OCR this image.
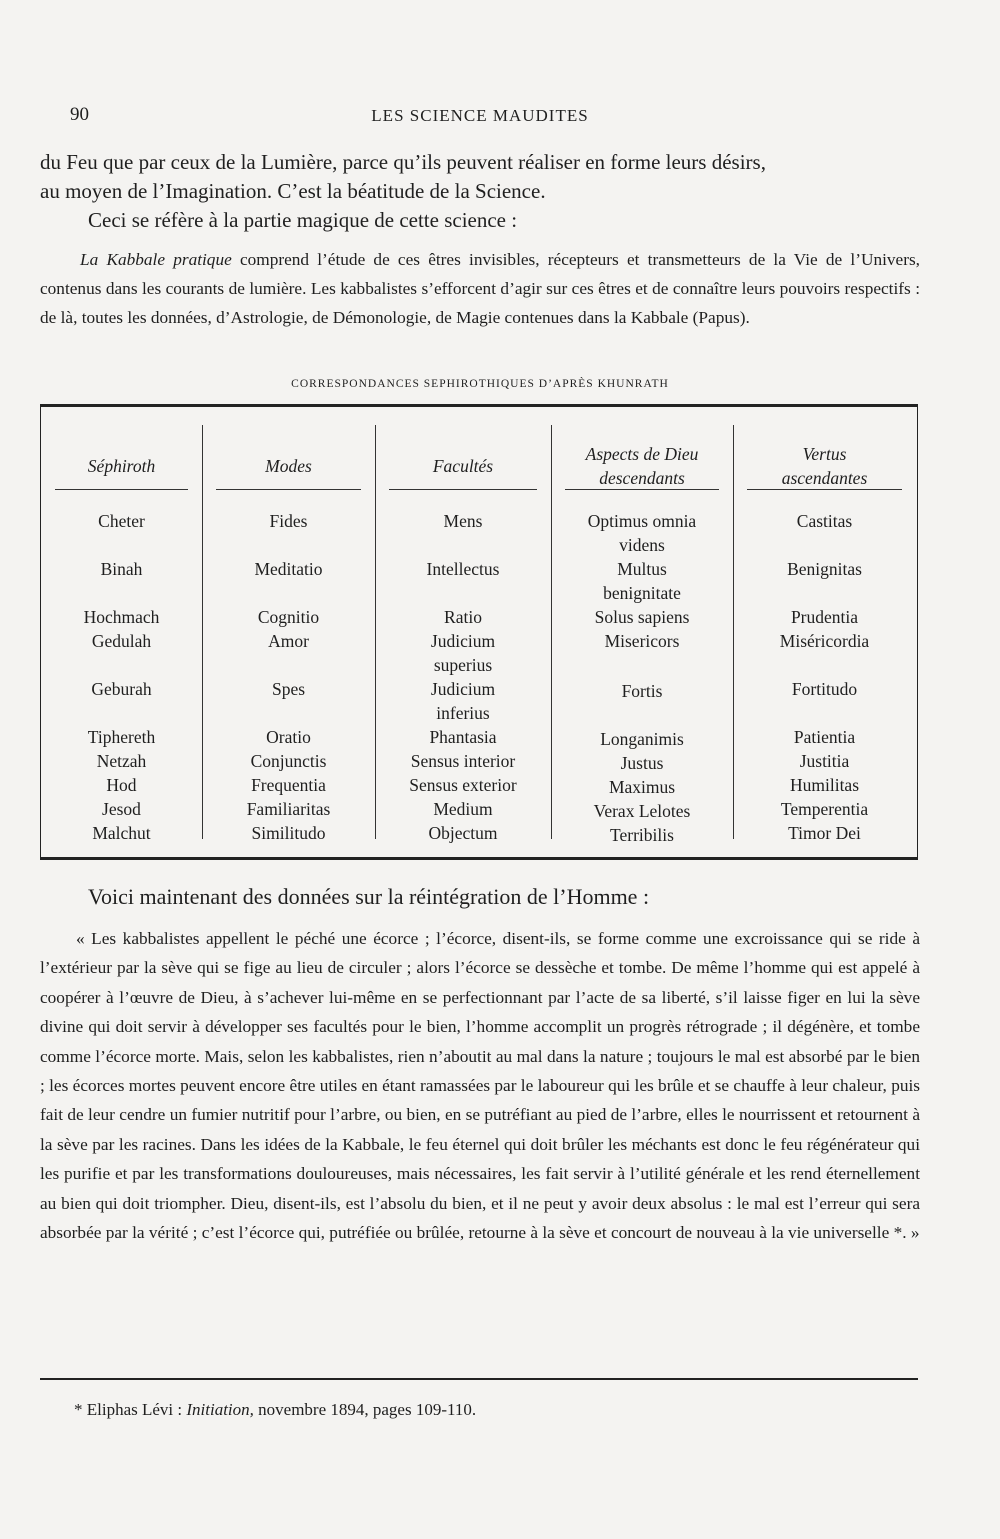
90	LES SCIENCE MAUDITES

du Feu que par ceux de la Lumière, parce qu’ils peuvent réaliser en forme leurs désirs,

au moyen de l’Imagination. C’est la béatitude de la Science.

Ceci se réfère à la partie magique de cette science :

La Kabbale pratique comprend l’étude de ces êtres invisibles, récepteurs et transmetteurs de la Vie de l’Univers, contenus dans les courants de lumière. Les kabbalistes s’efforcent d’agir sur ces êtres et de connaître leurs pouvoirs respectifs : de là, toutes les données, d’Astrologie, de Démonologie, de Magie contenues dans la Kabbale (Papus).

CORRESPONDANCES SEPHIROTHIQUES D’APRÈS KHUNRATH
Séphiroth
Cheter
Binah
Hochmach
Gedulah
Geburah
Tiphereth
Netzah
Hod
Jesod
Malchut
Modes
Fides
Meditatio
Cognitio
Amor
Spes
Oratio
Conjunctis
Frequentia
Familiaritas
Similitudo
Facultés
Mens
Intellectus
Ratio
Judicium
superius
Judicium
inferius
Phantasia
Sensus interior
Sensus exterior
Medium
Objectum
Aspects de Dieu
descendants
Optimus omnia
videns
Multus
benignitate
Solus sapiens
Misericors
Fortis
Longanimis
Justus
Maximus
Verax Lelotes
Terribilis
Vertus
ascendantes
Castitas
Benignitas
Prudentia
Miséricordia
Fortitudo
Patientia
Justitia
Humilitas
Temperentia
Timor Dei
Voici maintenant des données sur la réintégration de l’Homme :

« Les kabbalistes appellent le péché une écorce ; l’écorce, disent-ils, se forme comme une excroissance qui se ride à l’extérieur par la sève qui se fige au lieu de circuler ; alors l’écorce se dessèche et tombe. De même l’homme qui est appelé à coopérer à l’œuvre de Dieu, à s’achever lui-même en se perfectionnant par l’acte de sa liberté, s’il laisse figer en lui la sève divine qui doit servir à développer ses facultés pour le bien, l’homme accomplit un progrès rétrograde ; il dégénère, et tombe comme l’écorce morte. Mais, selon les kabbalistes, rien n’aboutit au mal dans la nature ; toujours le mal est absorbé par le bien ; les écorces mortes peuvent encore être utiles en étant ramassées par le laboureur qui les brûle et se chauffe à leur chaleur, puis fait de leur cendre un fumier nutritif pour l’arbre, ou bien, en se putréfiant au pied de l’arbre, elles le nourrissent et retournent à la sève par les racines. Dans les idées de la Kabbale, le feu éternel qui doit brûler les méchants est donc le feu régénérateur qui les purifie et par les transformations douloureuses, mais nécessaires, les fait servir à l’utilité générale et les rend éternellement au bien qui doit triompher. Dieu, disent-ils, est l’absolu du bien, et il ne peut y avoir deux absolus : le mal est l’erreur qui sera absorbée par la vérité ; c’est l’écorce qui, putréfiée ou brûlée, retourne à la sève et concourt de nouveau à la vie universelle *. »

* Eliphas Lévi : Initiation, novembre 1894, pages 109-110.
